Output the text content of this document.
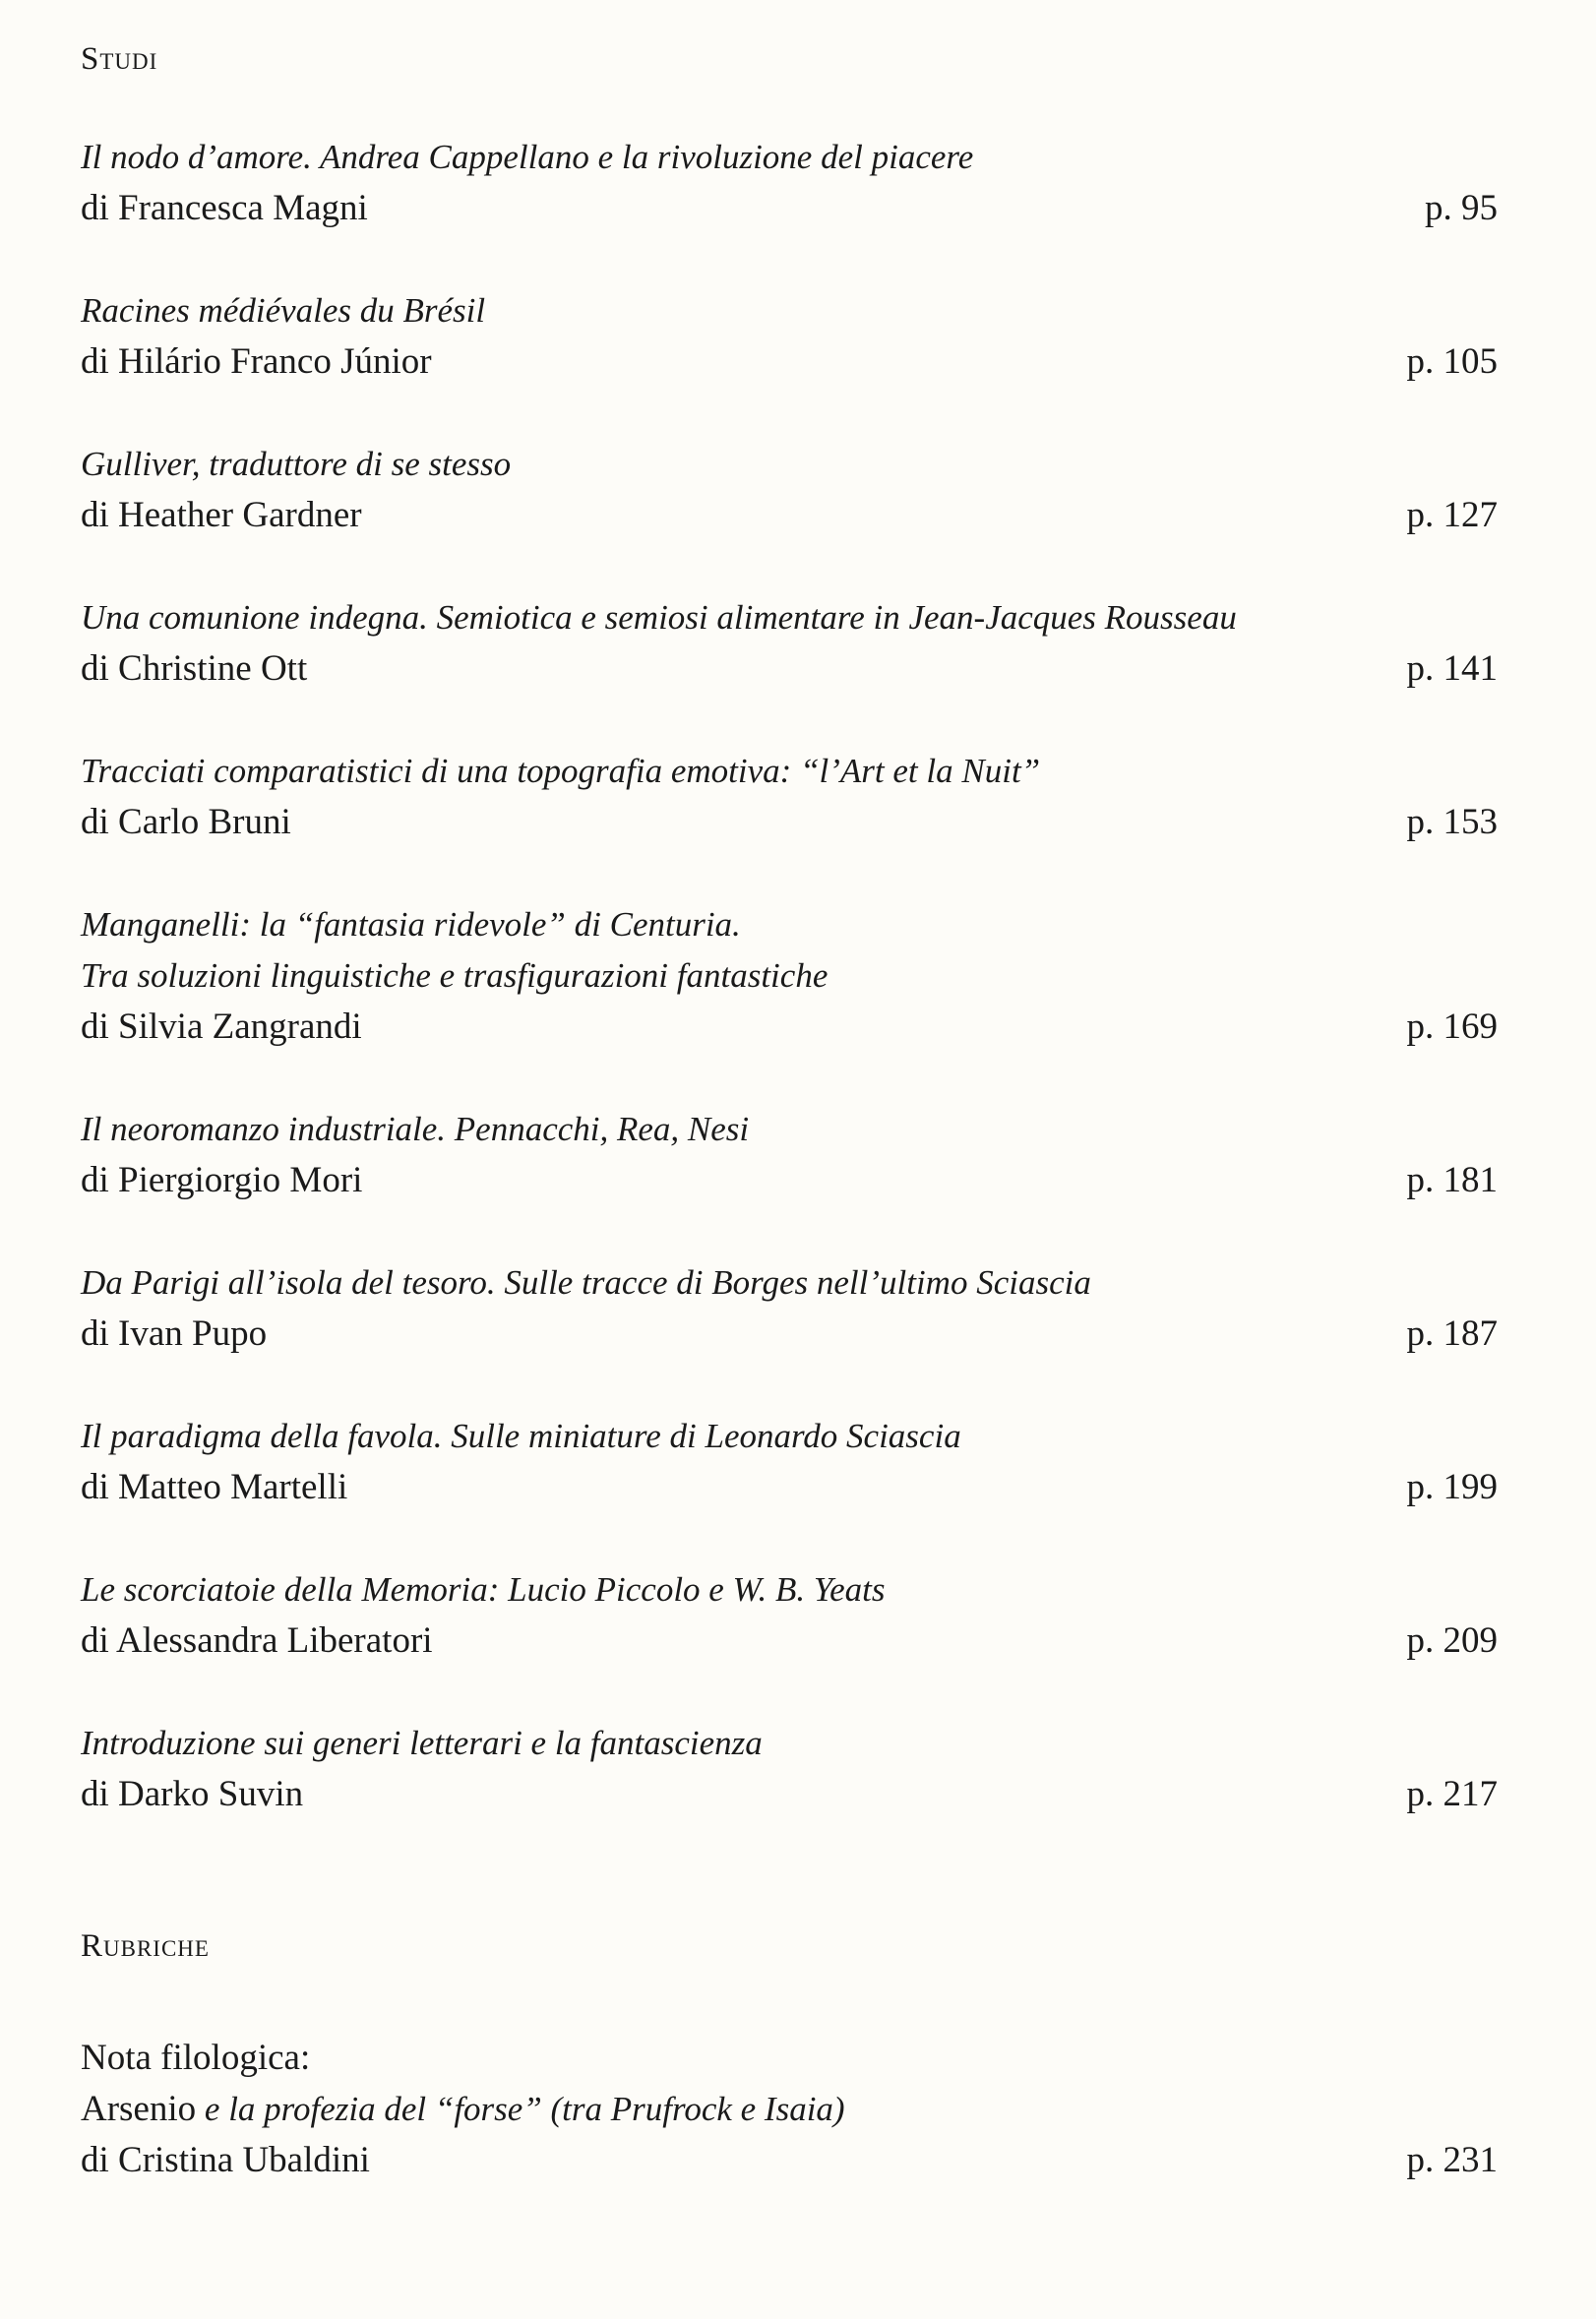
Studi

Il nodo d’amore. Andrea Cappellano e la rivoluzione del piacere

di Francesca Magni	p. 95

Racines médiévales du Brésil

di Hilário Franco Júnior	p. 105

Gulliver, traduttore di se stesso

di Heather Gardner	p. 127

Una comunione indegna. Semiotica e semiosi alimentare in Jean-Jacques Rousseau

di Christine Ott	p. 141

Tracciati comparatistici di una topografia emotiva: “l’Art et la Nuit”

di Carlo Bruni	p. 153

Manganelli: la “fantasia ridevole” di Centuria.

Tra soluzioni linguistiche e trasfigurazioni fantastiche

di Silvia Zangrandi	p. 169

Il neoromanzo industriale. Pennacchi, Rea, Nesi

di Piergiorgio Mori	p. 181

Da Parigi all’isola del tesoro. Sulle tracce di Borges nell’ultimo Sciascia

di Ivan Pupo	p. 187

Il paradigma della favola. Sulle miniature di Leonardo Sciascia

di Matteo Martelli	p. 199

Le scorciatoie della Memoria: Lucio Piccolo e W. B. Yeats

di Alessandra Liberatori	p. 209

Introduzione sui generi letterari e la fantascienza

di Darko Suvin	p. 217
Rubriche

Nota filologica:

Arsenio e la profezia del “forse” (tra Prufrock e Isaia)

di Cristina Ubaldini	p. 231
